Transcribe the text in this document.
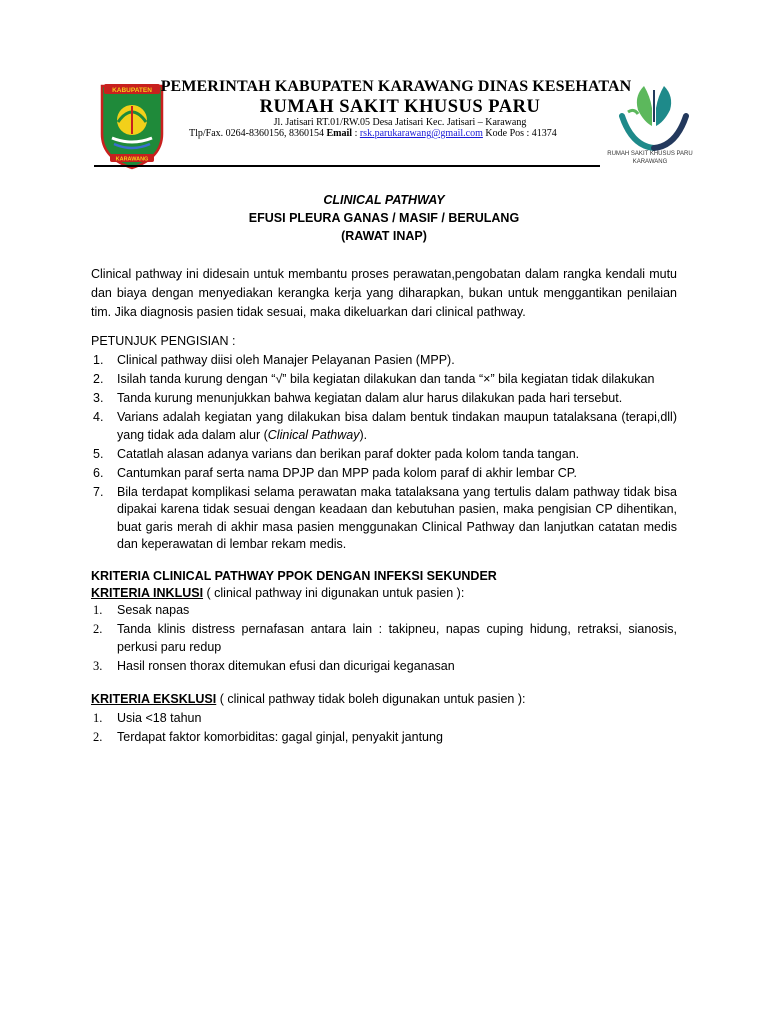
KABUPATEN
KARAWANG
PEMERINTAH KABUPATEN KARAWANG DINAS KESEHATAN
RUMAH SAKIT KHUSUS PARU
Jl. Jatisari RT.01/RW.05 Desa Jatisari Kec. Jatisari – Karawang
Tlp/Fax. 0264-8360156, 8360154 Email : rsk.parukarawang@gmail.com Kode Pos : 41374
RUMAH SAKIT KHUSUS PARU
KARAWANG
CLINICAL PATHWAY
EFUSI PLEURA GANAS / MASIF / BERULANG
(RAWAT INAP)
Clinical pathway ini didesain untuk membantu proses perawatan,pengobatan dalam rangka kendali mutu dan biaya dengan menyediakan kerangka kerja yang diharapkan, bukan untuk menggantikan penilaian tim. Jika diagnosis pasien tidak sesuai, maka dikeluarkan dari clinical pathway.
PETUNJUK PENGISIAN :
1. Clinical pathway diisi oleh Manajer Pelayanan Pasien (MPP).
2. Isilah tanda kurung dengan “√” bila kegiatan dilakukan dan tanda “×” bila kegiatan tidak dilakukan
3. Tanda kurung menunjukkan bahwa kegiatan dalam alur harus dilakukan pada hari tersebut.
4. Varians adalah kegiatan yang dilakukan bisa dalam bentuk tindakan maupun tatalaksana (terapi,dll) yang tidak ada dalam alur (Clinical Pathway).
5. Catatlah alasan adanya varians dan berikan paraf dokter pada kolom tanda tangan.
6. Cantumkan paraf serta nama DPJP dan MPP pada kolom paraf di akhir lembar CP.
7. Bila terdapat komplikasi selama perawatan maka tatalaksana yang tertulis dalam pathway tidak bisa dipakai karena tidak sesuai dengan keadaan dan kebutuhan pasien, maka pengisian CP dihentikan, buat garis merah di akhir masa pasien menggunakan Clinical Pathway dan lanjutkan catatan medis dan keperawatan di lembar rekam medis.
KRITERIA CLINICAL PATHWAY PPOK DENGAN INFEKSI SEKUNDER
KRITERIA INKLUSI ( clinical pathway ini digunakan untuk pasien ):
1. Sesak napas
2. Tanda klinis distress pernafasan antara lain : takipneu, napas cuping hidung, retraksi, sianosis, perkusi paru redup
3. Hasil ronsen thorax ditemukan efusi dan dicurigai keganasan
KRITERIA EKSKLUSI ( clinical pathway tidak boleh digunakan untuk pasien ):
1. Usia <18 tahun
2. Terdapat faktor komorbiditas: gagal ginjal, penyakit jantung
